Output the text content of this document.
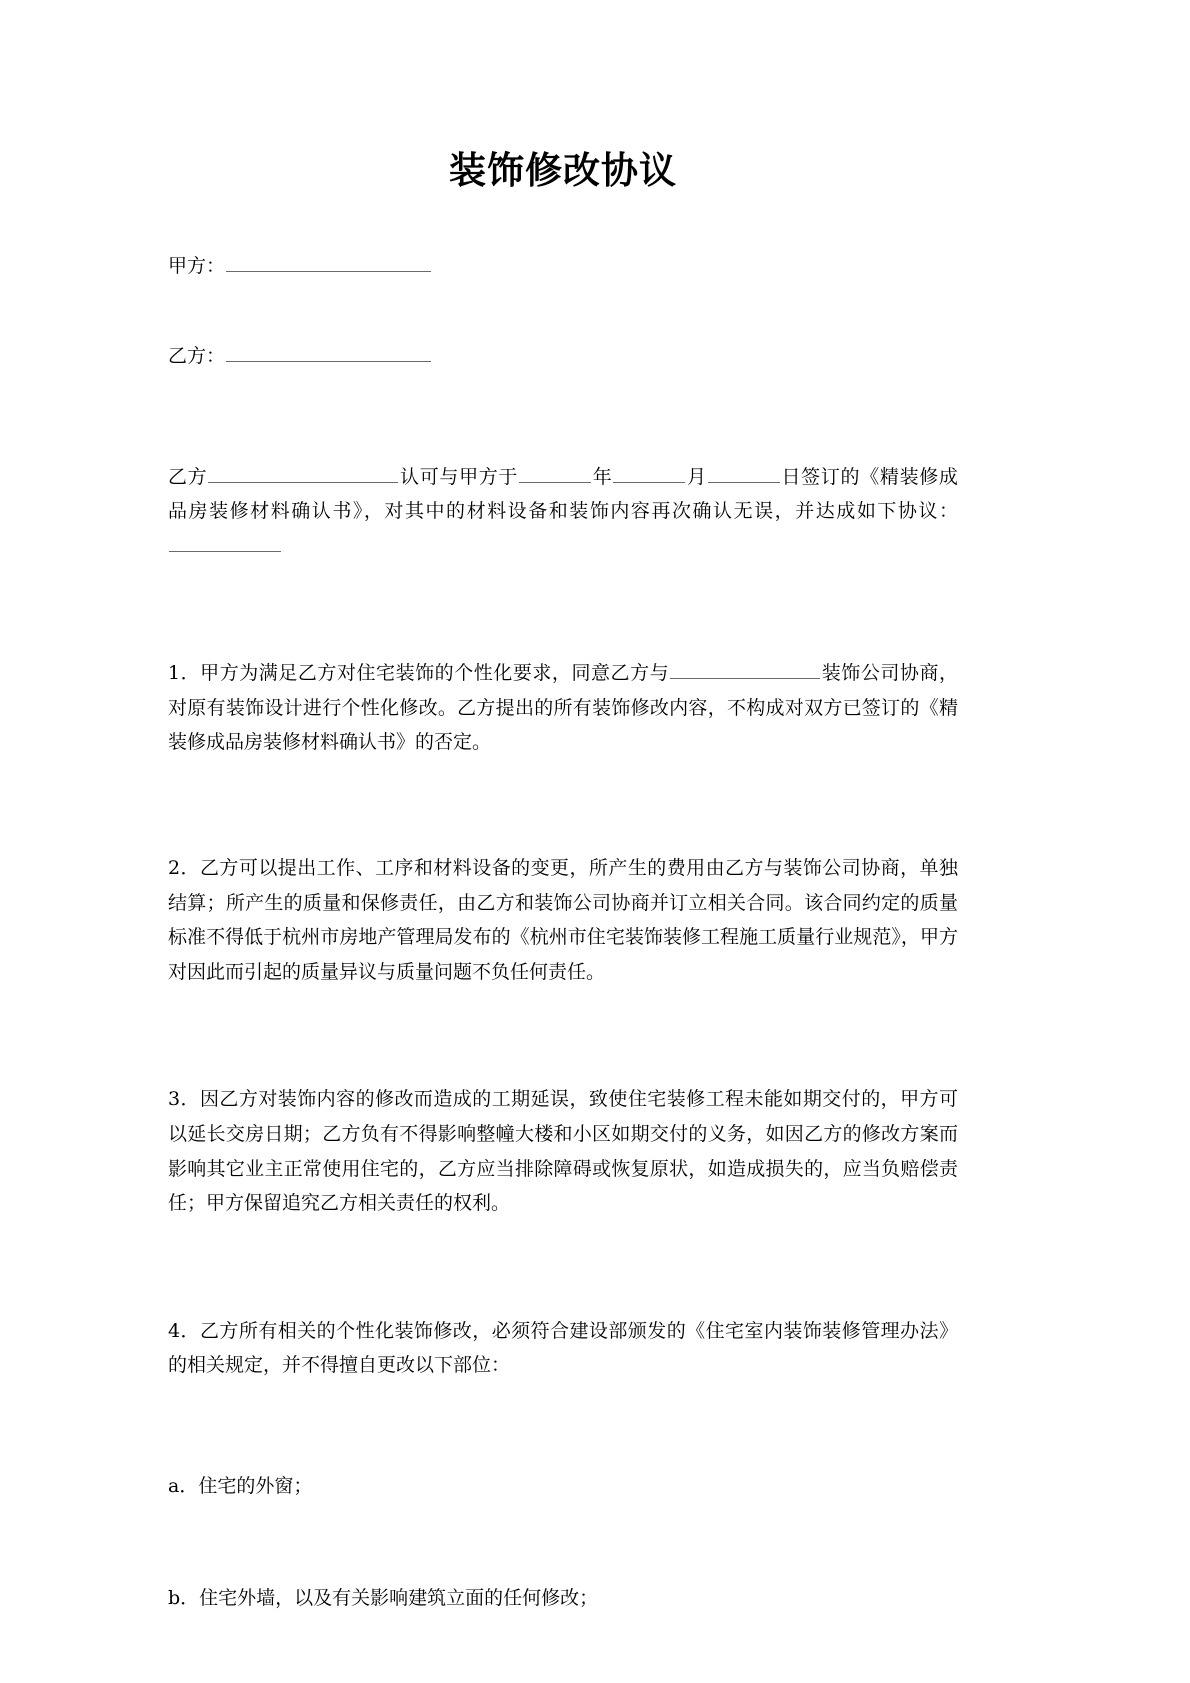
装饰修改协议

甲方：

乙方：

乙方	认可与甲方于	年	月	日签订的《精装修成品房装修材料确认书》，对其中的材料设备和装饰内容再次确认无误，并达成如下协议：

1．甲方为满足乙方对住宅装饰的个性化要求，同意乙方与	装饰公司协商，对原有装饰设计进行个性化修改。乙方提出的所有装饰修改内容，不构成对双方已签订的《精装修成品房装修材料确认书》的否定。

2．乙方可以提出工作、工序和材料设备的变更，所产生的费用由乙方与装饰公司协商，单独结算；所产生的质量和保修责任，由乙方和装饰公司协商并订立相关合同。该合同约定的质量标准不得低于杭州市房地产管理局发布的《杭州市住宅装饰装修工程施工质量行业规范》，甲方对因此而引起的质量异议与质量问题不负任何责任。

3．因乙方对装饰内容的修改而造成的工期延误，致使住宅装修工程未能如期交付的，甲方可以延长交房日期；乙方负有不得影响整幢大楼和小区如期交付的义务，如因乙方的修改方案而影响其它业主正常使用住宅的，乙方应当排除障碍或恢复原状，如造成损失的，应当负赔偿责任；甲方保留追究乙方相关责任的权利。

4．乙方所有相关的个性化装饰修改，必须符合建设部颁发的《住宅室内装饰装修管理办法》的相关规定，并不得擅自更改以下部位：

a．住宅的外窗；

b．住宅外墙，以及有关影响建筑立面的任何修改；
